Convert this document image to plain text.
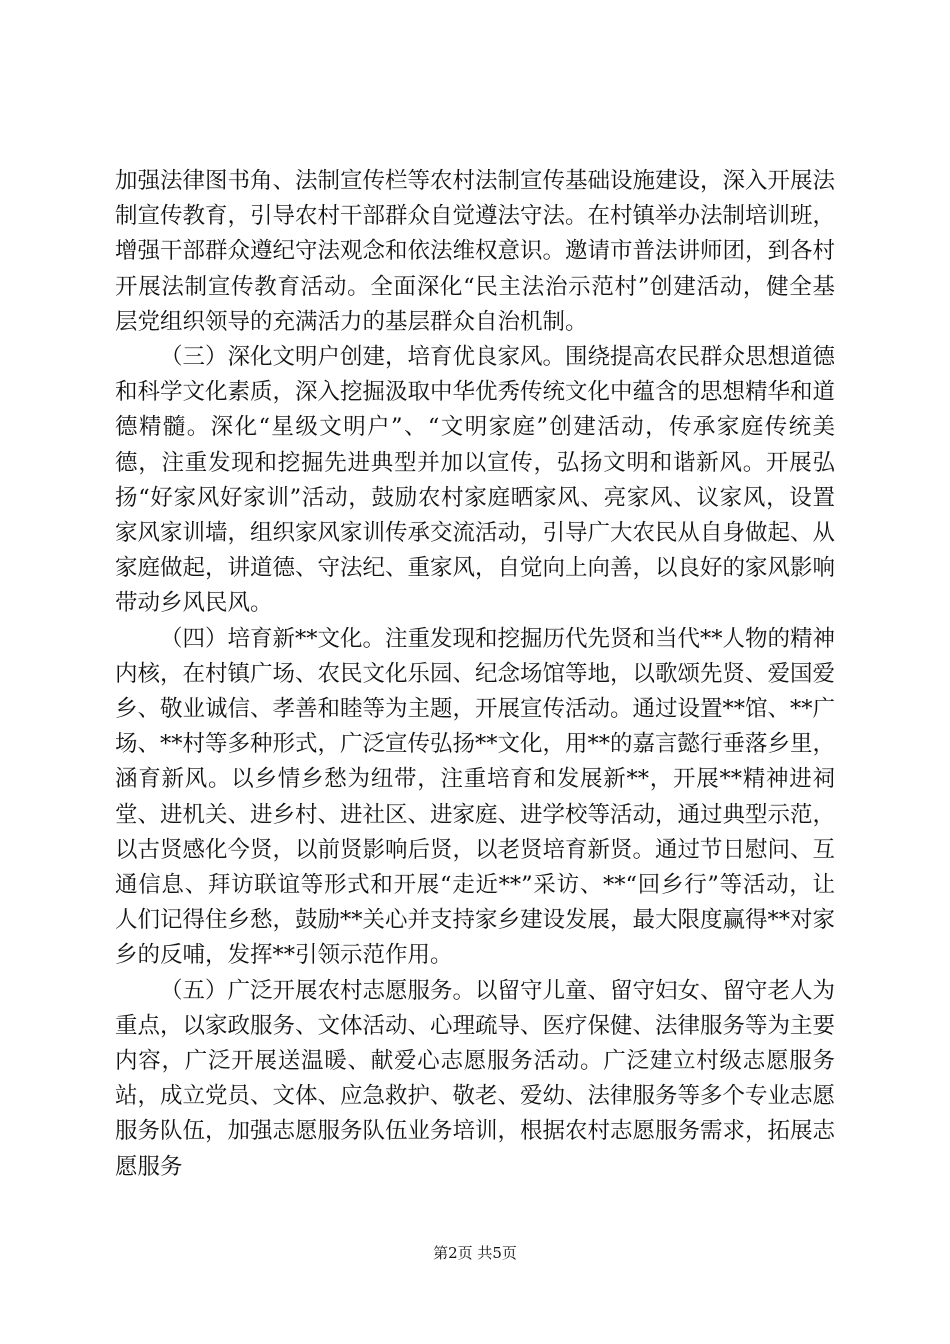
加强法律图书角、法制宣传栏等农村法制宣传基础设施建设，深入开展法制宣传教育，引导农村干部群众自觉遵法守法。在村镇举办法制培训班，增强干部群众遵纪守法观念和依法维权意识。邀请市普法讲师团，到各村开展法制宣传教育活动。全面深化“民主法治示范村”创建活动，健全基层党组织领导的充满活力的基层群众自治机制。

（三）深化文明户创建，培育优良家风。围绕提高农民群众思想道德和科学文化素质，深入挖掘汲取中华优秀传统文化中蕴含的思想精华和道德精髓。深化“星级文明户”、“文明家庭”创建活动，传承家庭传统美德，注重发现和挖掘先进典型并加以宣传，弘扬文明和谐新风。开展弘扬“好家风好家训”活动，鼓励农村家庭晒家风、亮家风、议家风，设置家风家训墙，组织家风家训传承交流活动，引导广大农民从自身做起、从家庭做起，讲道德、守法纪、重家风，自觉向上向善，以良好的家风影响带动乡风民风。

（四）培育新**文化。注重发现和挖掘历代先贤和当代**人物的精神内核，在村镇广场、农民文化乐园、纪念场馆等地，以歌颂先贤、爱国爱乡、敬业诚信、孝善和睦等为主题，开展宣传活动。通过设置**馆、**广场、**村等多种形式，广泛宣传弘扬**文化，用**的嘉言懿行垂落乡里，涵育新风。以乡情乡愁为纽带，注重培育和发展新**，开展**精神进祠堂、进机关、进乡村、进社区、进家庭、进学校等活动，通过典型示范，以古贤感化今贤，以前贤影响后贤，以老贤培育新贤。通过节日慰问、互通信息、拜访联谊等形式和开展“走近**”采访、**“回乡行”等活动，让人们记得住乡愁，鼓励**关心并支持家乡建设发展，最大限度赢得**对家乡的反哺，发挥**引领示范作用。

（五）广泛开展农村志愿服务。以留守儿童、留守妇女、留守老人为重点，以家政服务、文体活动、心理疏导、医疗保健、法律服务等为主要内容，广泛开展送温暖、献爱心志愿服务活动。广泛建立村级志愿服务站，成立党员、文体、应急救护、敬老、爱幼、法律服务等多个专业志愿服务队伍，加强志愿服务队伍业务培训，根据农村志愿服务需求，拓展志愿服务

第2页 共5页
